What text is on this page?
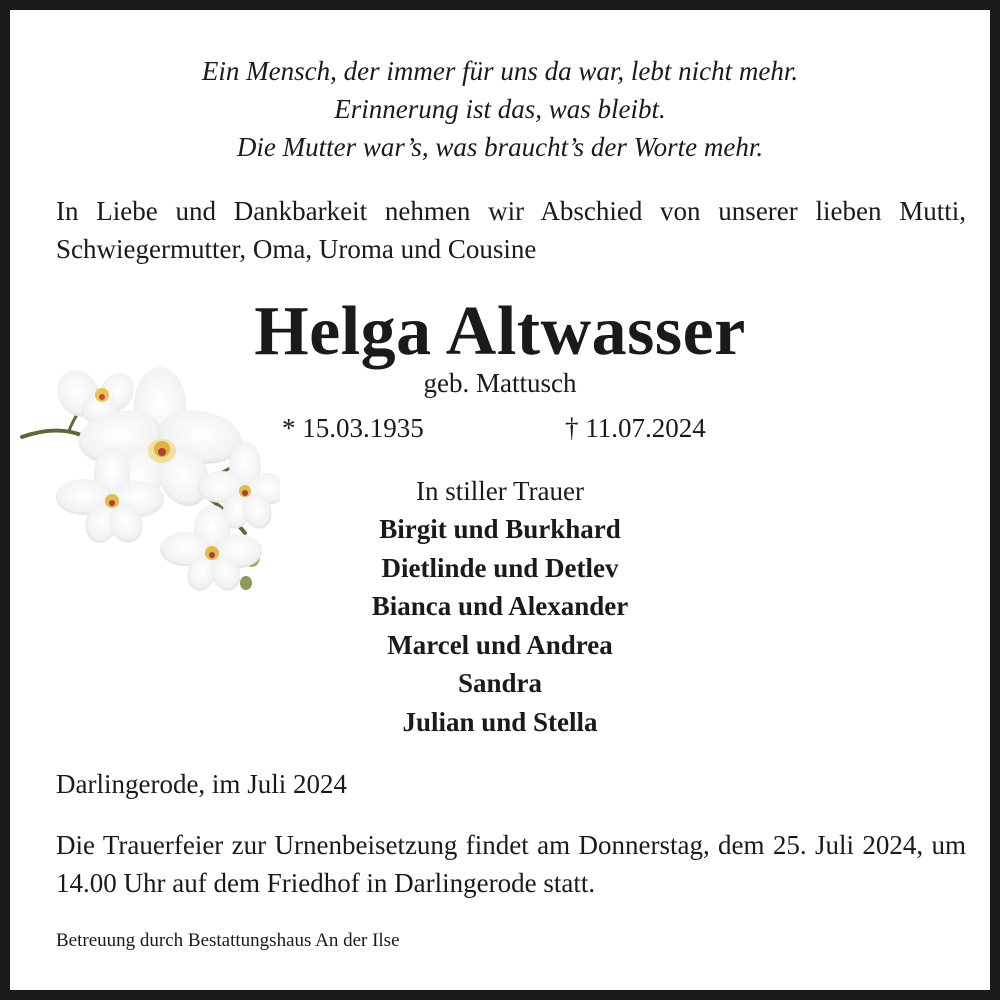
Ein Mensch, der immer für uns da war, lebt nicht mehr.
Erinnerung ist das, was bleibt.
Die Mutter war’s, was braucht’s der Worte mehr.
In Liebe und Dankbarkeit nehmen wir Abschied von unserer lieben Mutti, Schwiegermutter, Oma, Uroma und Cousine
Helga Altwasser
geb. Mattusch
* 15.03.1935	† 11.07.2024
In stiller Trauer
Birgit und Burkhard
Dietlinde und Detlev
Bianca und Alexander
Marcel und Andrea
Sandra
Julian und Stella
Darlingerode, im Juli 2024
Die Trauerfeier zur Urnenbeisetzung findet am Donnerstag, dem 25. Juli 2024, um 14.00 Uhr auf dem Friedhof in Darlingerode statt.
Betreuung durch Bestattungshaus An der Ilse
